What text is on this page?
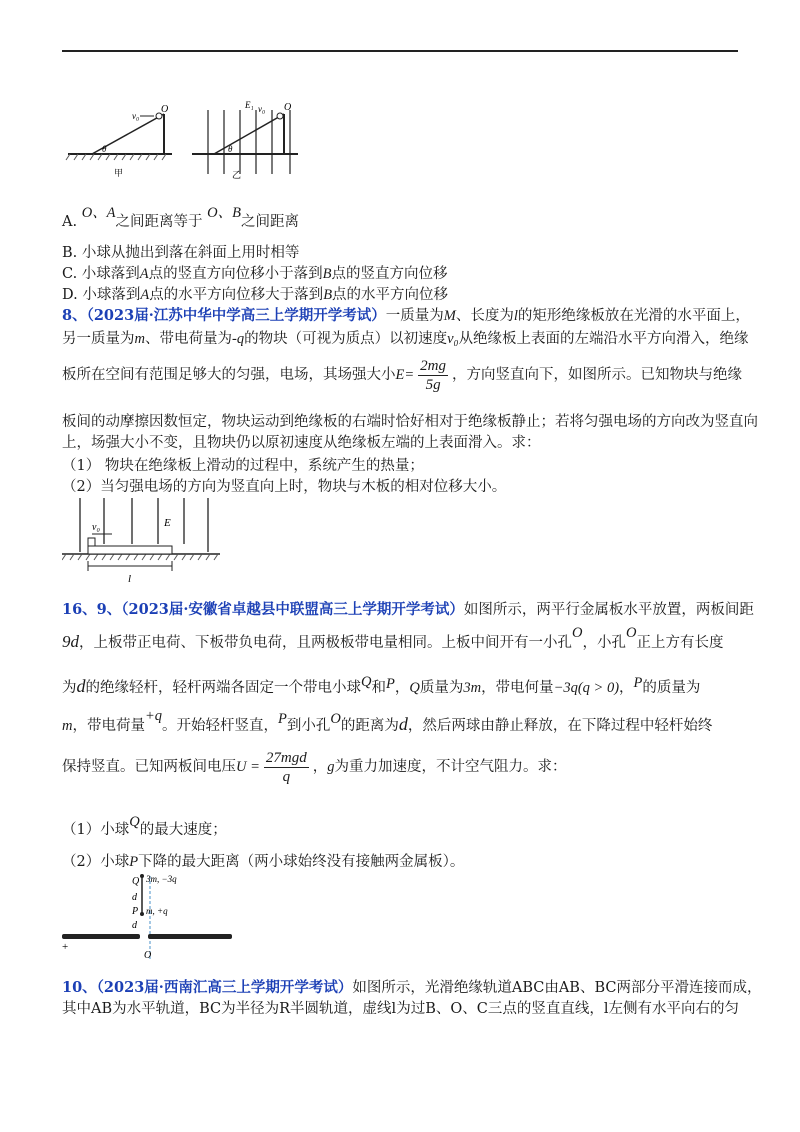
v₀
O
θ
甲
E₁ v₀ O
θ
乙
A. O、A之间距离等于 O、B之间距离
B. 小球从抛出到落在斜面上用时相等
C. 小球落到A点的竖直方向位移小于落到B点的竖直方向位移
D. 小球落到A点的水平方向位移大于落到B点的水平方向位移
8、（2023届·江苏中华中学高三上学期开学考试）一质量为M、长度为l的矩形绝缘板放在光滑的水平面上，
另一质量为m、带电荷量为-q的物块（可视为质点）以初速度v₀从绝缘板上表面的左端沿水平方向滑入，绝缘
板所在空间有范围足够大的匀强，电场，其场强大小$E= \frac{2mg}{5g}$ ，方向竖直向下，如图所示。已知物块与绝缘
板间的动摩擦因数恒定，物块运动到绝缘板的右端时恰好相对于绝缘板静止；若将匀强电场的方向改为竖直向
上，场强大小不变，且物块仍以原初速度从绝缘板左端的上表面滑入。求：
（1） 物块在绝缘板上滑动的过程中，系统产生的热量；
（2）当匀强电场的方向为竖直向上时，物块与木板的相对位移大小。
v₀	E
l
16、9、（2023届·安徽省卓越县中联盟高三上学期开学考试）如图所示，两平行金属板水平放置，两板间距
9d，上板带正电荷、下板带负电荷，且两极板带电量相同。上板中间开有一小孔O，小孔O正上方有长度
为d的绝缘轻杆，轻杆两端各固定一个带电小球Q和P，Q质量为3m，带电何量−3q(q > 0)，P的质量为
m，带电荷量+q。开始轻杆竖直，P到小孔O的距离为d，然后两球由静止释放，在下降过程中轻杆始终
保持竖直。已知两板间电压$U = \frac{\text{27mgd}}{q}$ ，g为重力加速度，不计空气阻力。求：
（1）小球Q的最大速度；
（2）小球P下降的最大距离（两小球始终没有接触两金属板）。
Q 3m, −3q
d
P m, +q
d
+
O
10、（2023届·西南汇高三上学期开学考试）如图所示，光滑绝缘轨道ABC由AB、BC两部分平滑连接而成，
其中AB为水平轨道，BC为半径为R半圆轨道，虚线l为过B、O、C三点的竖直直线，l左侧有水平向右的匀
